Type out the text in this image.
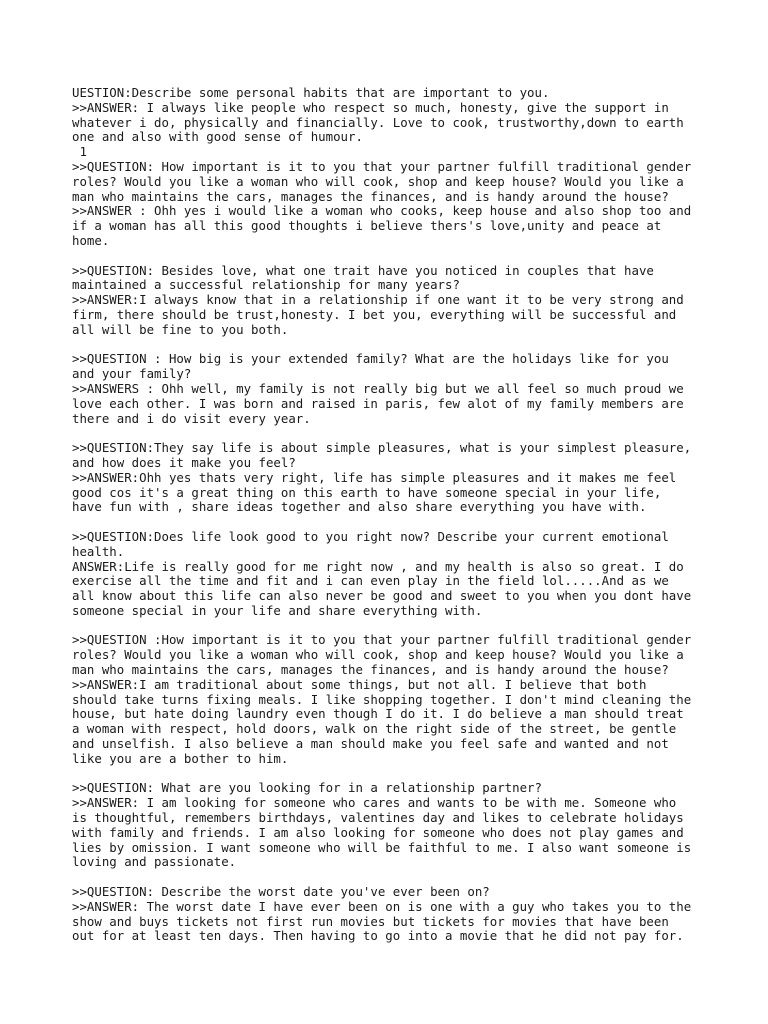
UESTION:Describe some personal habits that are important to you.
>>ANSWER: I always like people who respect so much, honesty, give the support in
whatever i do, physically and financially. Love to cook, trustworthy,down to earth
one and also with good sense of humour.
1
>>QUESTION: How important is it to you that your partner fulfill traditional gender
roles? Would you like a woman who will cook, shop and keep house? Would you like a
man who maintains the cars, manages the finances, and is handy around the house?
>>ANSWER : Ohh yes i would like a woman who cooks, keep house and also shop too and
if a woman has all this good thoughts i believe thers's love,unity and peace at
home.
>>QUESTION: Besides love, what one trait have you noticed in couples that have
maintained a successful relationship for many years?
>>ANSWER:I always know that in a relationship if one want it to be very strong and
firm, there should be trust,honesty. I bet you, everything will be successful and
all will be fine to you both.
>>QUESTION : How big is your extended family? What are the holidays like for you
and your family?
>>ANSWERS : Ohh well, my family is not really big but we all feel so much proud we
love each other. I was born and raised in paris, few alot of my family members are
there and i do visit every year.
>>QUESTION:They say life is about simple pleasures, what is your simplest pleasure,
and how does it make you feel?
>>ANSWER:Ohh yes thats very right, life has simple pleasures and it makes me feel
good cos it's a great thing on this earth to have someone special in your life,
have fun with , share ideas together and also share everything you have with.
>>QUESTION:Does life look good to you right now? Describe your current emotional
health.
ANSWER:Life is really good for me right now , and my health is also so great. I do
exercise all the time and fit and i can even play in the field lol.....And as we
all know about this life can also never be good and sweet to you when you dont have
someone special in your life and share everything with.
>>QUESTION :How important is it to you that your partner fulfill traditional gender
roles? Would you like a woman who will cook, shop and keep house? Would you like a
man who maintains the cars, manages the finances, and is handy around the house?
>>ANSWER:I am traditional about some things, but not all. I believe that both
should take turns fixing meals. I like shopping together. I don't mind cleaning the
house, but hate doing laundry even though I do it. I do believe a man should treat
a woman with respect, hold doors, walk on the right side of the street, be gentle
and unselfish. I also believe a man should make you feel safe and wanted and not
like you are a bother to him.
>>QUESTION: What are you looking for in a relationship partner?
>>ANSWER: I am looking for someone who cares and wants to be with me. Someone who
is thoughtful, remembers birthdays, valentines day and likes to celebrate holidays
with family and friends. I am also looking for someone who does not play games and
lies by omission. I want someone who will be faithful to me. I also want someone is
loving and passionate.
>>QUESTION: Describe the worst date you've ever been on?
>>ANSWER: The worst date I have ever been on is one with a guy who takes you to the
show and buys tickets not first run movies but tickets for movies that have been
out for at least ten days. Then having to go into a movie that he did not pay for.
